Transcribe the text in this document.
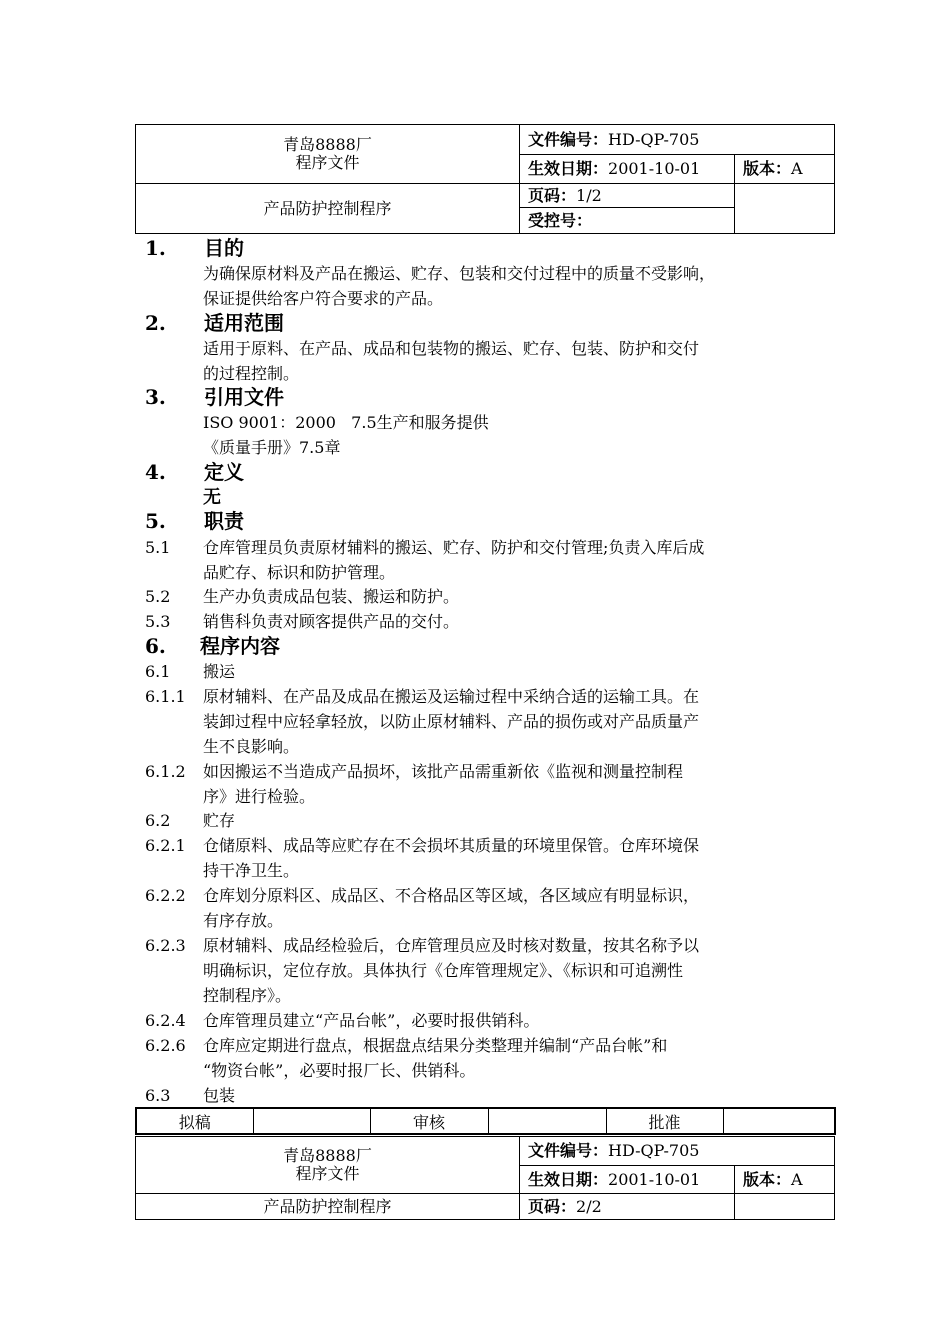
青岛8888厂
程序文件	文件编号：HD-QP-705	
	生效日期：2001-10-01	版本：A
产品防护控制程序	页码：1/2	
	受控号：	
1. 目的
为确保原材料及产品在搬运、贮存、包装和交付过程中的质量不受影响，
保证提供给客户符合要求的产品。
2. 适用范围
适用于原料、在产品、成品和包装物的搬运、贮存、包装、防护和交付
的过程控制。
3. 引用文件
ISO 9001：2000   7.5生产和服务提供
《质量手册》7.5章
4. 定义
无
5. 职责
5.1 仓库管理员负责原材辅料的搬运、贮存、防护和交付管理;负责入库后成
品贮存、标识和防护管理。
5.2 生产办负责成品包装、搬运和防护。
5.3 销售科负责对顾客提供产品的交付。
6. 程序内容
6.1 搬运
6.1.1 原材辅料、在产品及成品在搬运及运输过程中采纳合适的运输工具。在
装卸过程中应轻拿轻放，以防止原材辅料、产品的损伤或对产品质量产
生不良影响。
6.1.2 如因搬运不当造成产品损坏，该批产品需重新依《监视和测量控制程
序》进行检验。
6.2 贮存
6.2.1 仓储原料、成品等应贮存在不会损坏其质量的环境里保管。仓库环境保
持干净卫生。
6.2.2 仓库划分原料区、成品区、不合格品区等区域，各区域应有明显标识，
有序存放。
6.2.3 原材辅料、成品经检验后，仓库管理员应及时核对数量，按其名称予以
明确标识，定位存放。具体执行《仓库管理规定》、《标识和可追溯性
控制程序》。
6.2.4 仓库管理员建立“产品台帐”，必要时报供销科。
6.2.6 仓库应定期进行盘点，根据盘点结果分类整理并编制“产品台帐”和
“物资台帐”，必要时报厂长、供销科。
6.3 包装
拟稿		审核		批准	
青岛8888厂
程序文件	文件编号：HD-QP-705	
	生效日期：2001-10-01	版本：A
产品防护控制程序	页码：2/2	
